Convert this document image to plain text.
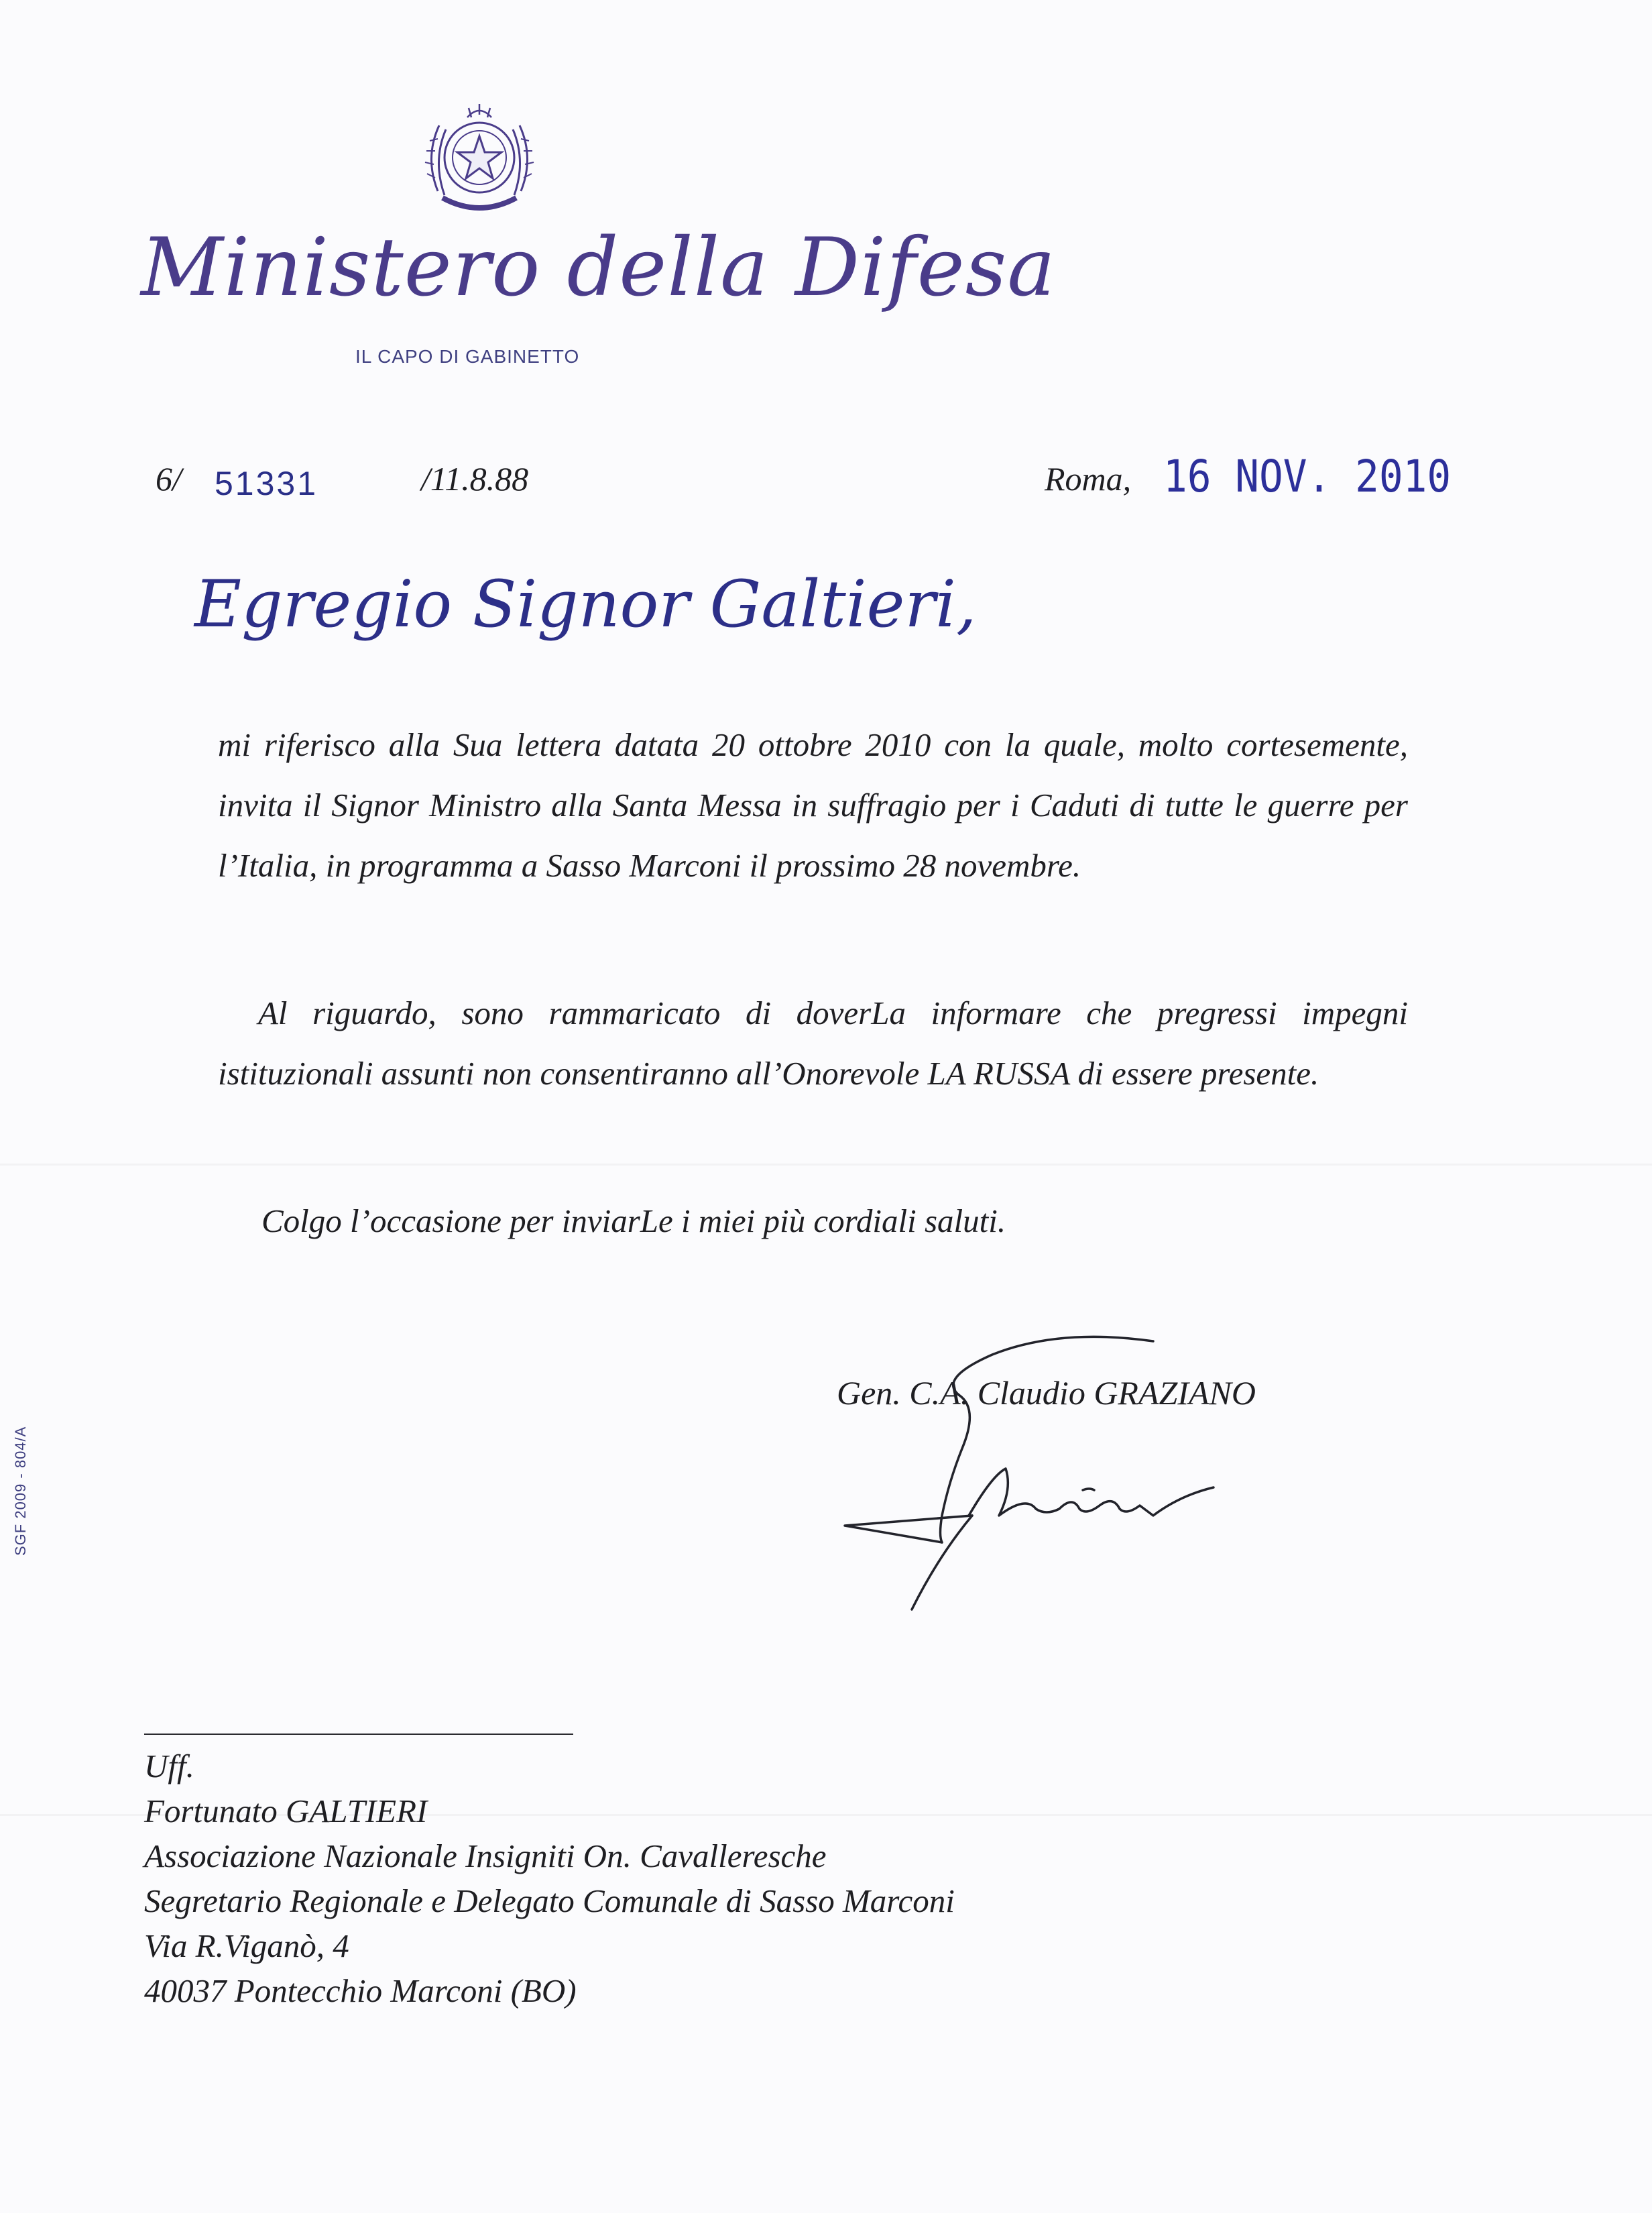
Ministero della Difesa
IL CAPO DI GABINETTO
6/ 51331	/11.8.88	Roma, 16 NOV. 2010
Egregio Signor Galtieri,

mi riferisco alla Sua lettera datata 20 ottobre 2010 con la quale, molto cortesemente, invita il Signor Ministro alla Santa Messa in suffragio per i Caduti di tutte le guerre per l’Italia, in programma a Sasso Marconi il prossimo 28 novembre.

Al riguardo, sono rammaricato di doverLa informare che pregressi impegni istituzionali assunti non consentiranno all’Onorevole LA RUSSA di essere presente.

Colgo l’occasione per inviarLe i miei più cordiali saluti.

Gen. C.A. Claudio GRAZIANO
SGF 2009 - 804/A
Uff.
Fortunato GALTIERI
Associazione Nazionale Insigniti On. Cavalleresche
Segretario Regionale e Delegato Comunale di Sasso Marconi
Via R.Viganò, 4
40037 Pontecchio Marconi (BO)
